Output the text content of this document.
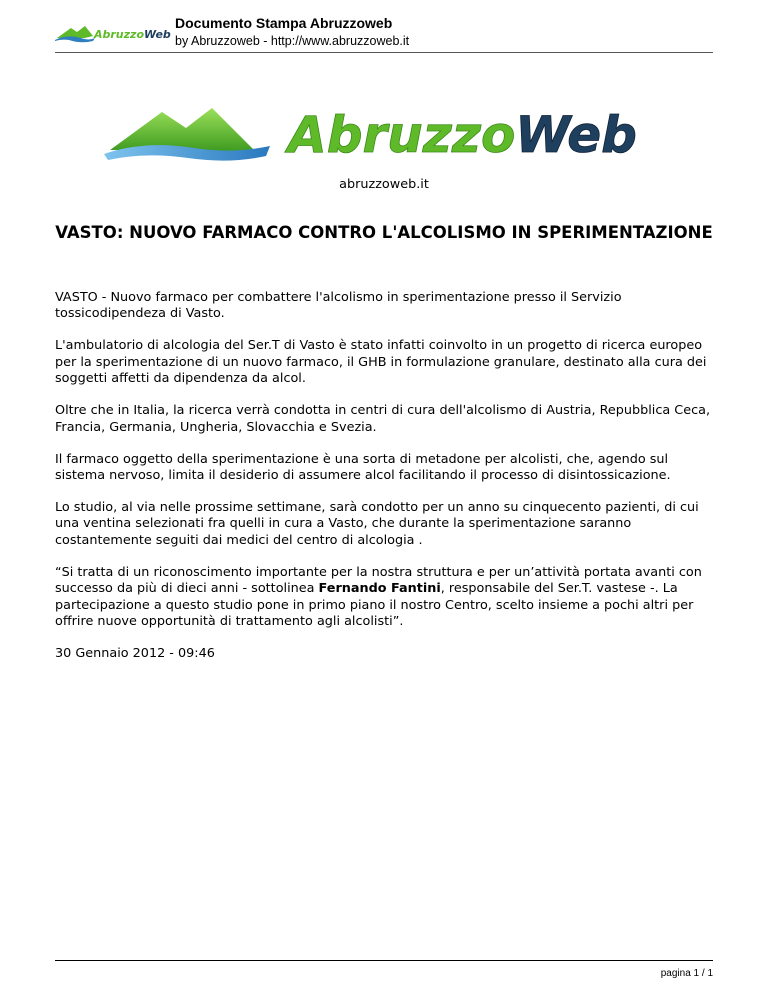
AbruzzoWeb
Documento Stampa Abruzzoweb
by Abruzzoweb - http://www.abruzzoweb.it
AbruzzoWeb
abruzzoweb.it
VASTO: NUOVO FARMACO CONTRO L'ALCOLISMO IN SPERIMENTAZIONE

VASTO - Nuovo farmaco per combattere l'alcolismo in sperimentazione presso il Servizio tossicodipendeza di Vasto.

L'ambulatorio di alcologia del Ser.T di Vasto è stato infatti coinvolto in un progetto di ricerca europeo per la sperimentazione di un nuovo farmaco, il GHB in formulazione granulare, destinato alla cura dei soggetti affetti da dipendenza da alcol.

Oltre che in Italia, la ricerca verrà condotta in centri di cura dell'alcolismo di Austria, Repubblica Ceca, Francia, Germania, Ungheria, Slovacchia e Svezia.

Il farmaco oggetto della sperimentazione è una sorta di metadone per alcolisti, che, agendo sul sistema nervoso, limita il desiderio di assumere alcol facilitando il processo di disintossicazione.

Lo studio, al via nelle prossime settimane, sarà condotto per un anno su cinquecento pazienti, di cui una ventina selezionati fra quelli in cura a Vasto, che durante la sperimentazione saranno costantemente seguiti dai medici del centro di alcologia .

“Si tratta di un riconoscimento importante per la nostra struttura e per un’attività portata avanti con successo da più di dieci anni - sottolinea Fernando Fantini, responsabile del Ser.T. vastese -. La partecipazione a questo studio pone in primo piano il nostro Centro, scelto insieme a pochi altri per offrire nuove opportunità di trattamento agli alcolisti”.

30 Gennaio 2012 - 09:46

pagina 1 / 1
